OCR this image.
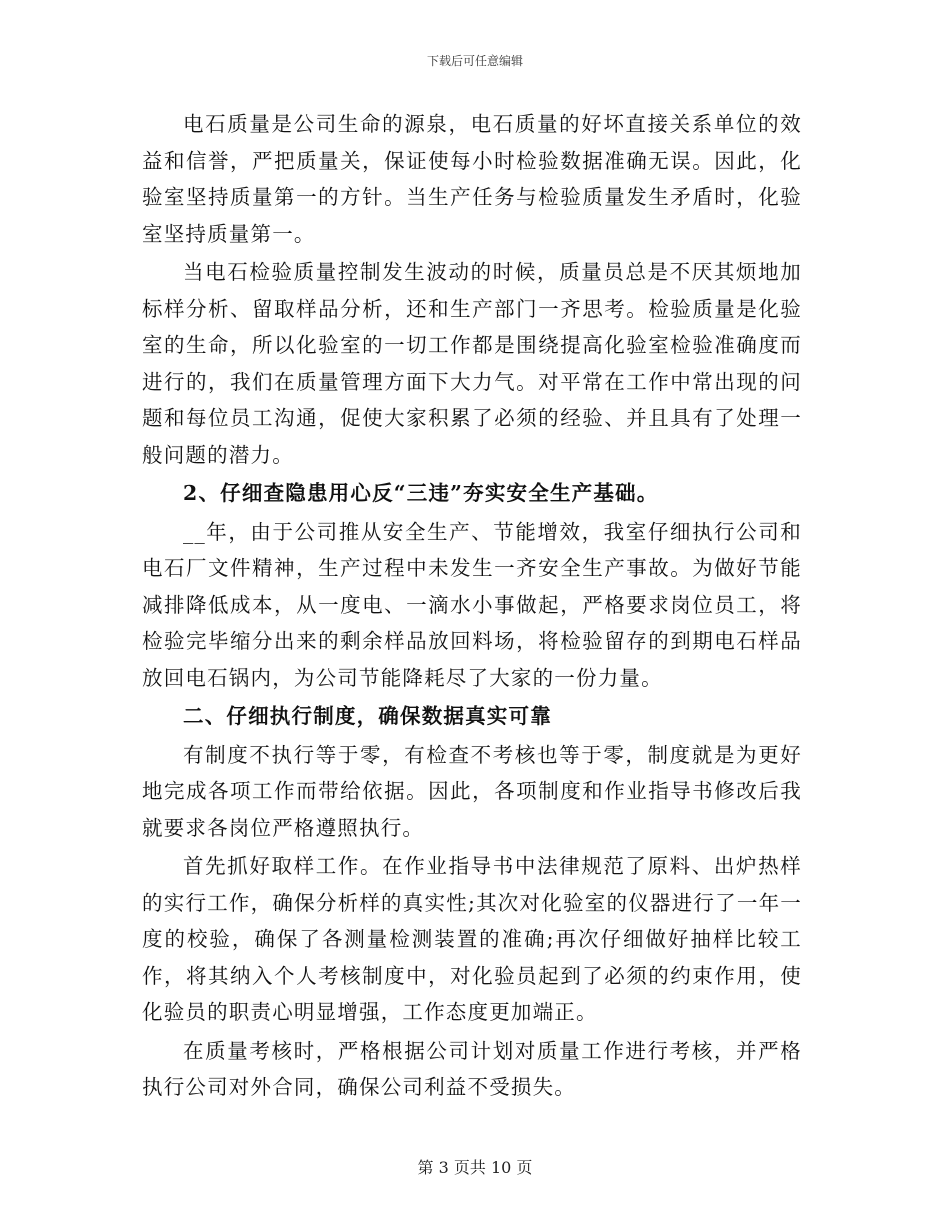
下载后可任意编辑

电石质量是公司生命的源泉，电石质量的好坏直接关系单位的效益和信誉，严把质量关，保证使每小时检验数据准确无误。因此，化验室坚持质量第一的方针。当生产任务与检验质量发生矛盾时，化验室坚持质量第一。

当电石检验质量控制发生波动的时候，质量员总是不厌其烦地加标样分析、留取样品分析，还和生产部门一齐思考。检验质量是化验室的生命，所以化验室的一切工作都是围绕提高化验室检验准确度而进行的，我们在质量管理方面下大力气。对平常在工作中常出现的问题和每位员工沟通，促使大家积累了必须的经验、并且具有了处理一般问题的潜力。

2、仔细查隐患用心反“三违”夯实安全生产基础。

__年，由于公司推从安全生产、节能增效，我室仔细执行公司和电石厂文件精神，生产过程中未发生一齐安全生产事故。为做好节能减排降低成本，从一度电、一滴水小事做起，严格要求岗位员工，将检验完毕缩分出来的剩余样品放回料场，将检验留存的到期电石样品放回电石锅内，为公司节能降耗尽了大家的一份力量。

二、仔细执行制度，确保数据真实可靠

有制度不执行等于零，有检查不考核也等于零，制度就是为更好地完成各项工作而带给依据。因此，各项制度和作业指导书修改后我就要求各岗位严格遵照执行。

首先抓好取样工作。在作业指导书中法律规范了原料、出炉热样的实行工作，确保分析样的真实性;其次对化验室的仪器进行了一年一度的校验，确保了各测量检测装置的准确;再次仔细做好抽样比较工作，将其纳入个人考核制度中，对化验员起到了必须的约束作用，使化验员的职责心明显增强，工作态度更加端正。

在质量考核时，严格根据公司计划对质量工作进行考核，并严格执行公司对外合同，确保公司利益不受损失。

第 3 页共 10 页
